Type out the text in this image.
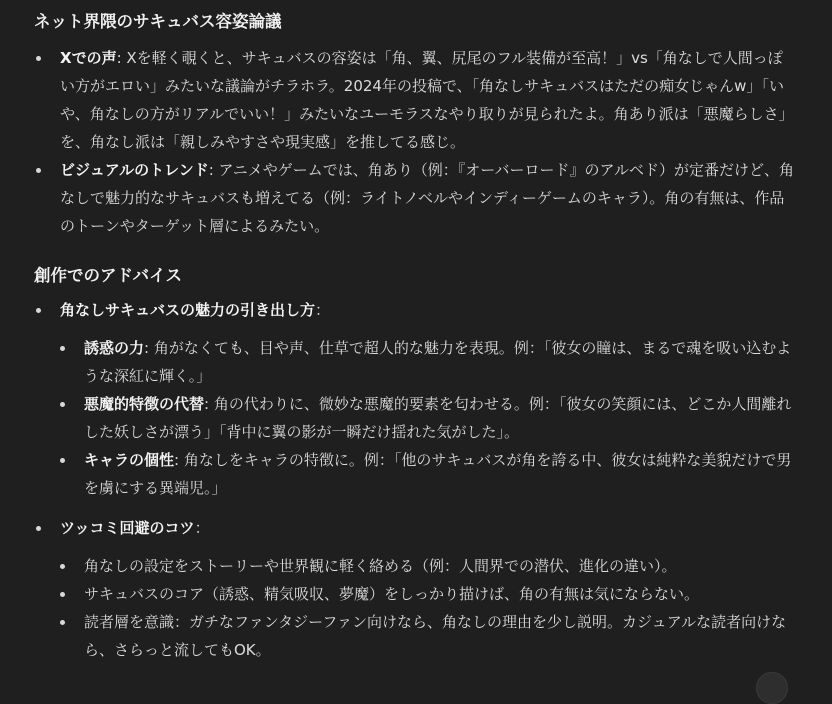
ネット界隈のサキュバス容姿論議
Xでの声: Xを軽く覗くと、サキュバスの容姿は「角、翼、尻尾のフル装備が至高！」vs「角なしで人間っぽい方がエロい」みたいな議論がチラホラ。2024年の投稿で、「角なしサキュバスはただの痴女じゃんw」「いや、角なしの方がリアルでいい！」みたいなユーモラスなやり取りが見られたよ。角あり派は「悪魔らしさ」を、角なし派は「親しみやすさや現実感」を推してる感じ。
ビジュアルのトレンド: アニメやゲームでは、角あり（例：『オーバーロード』のアルベド）が定番だけど、角なしで魅力的なサキュバスも増えてる（例：ライトノベルやインディーゲームのキャラ）。角の有無は、作品のトーンやターゲット層によるみたい。
創作でのアドバイス
角なしサキュバスの魅力の引き出し方：
誘惑の力: 角がなくても、目や声、仕草で超人的な魅力を表現。例：「彼女の瞳は、まるで魂を吸い込むような深紅に輝く。」
悪魔的特徴の代替: 角の代わりに、微妙な悪魔的要素を匂わせる。例：「彼女の笑顔には、どこか人間離れした妖しさが漂う」「背中に翼の影が一瞬だけ揺れた気がした」。
キャラの個性: 角なしをキャラの特徴に。例：「他のサキュバスが角を誇る中、彼女は純粋な美貌だけで男を虜にする異端児。」
ツッコミ回避のコツ：
角なしの設定をストーリーや世界観に軽く絡める（例：人間界での潜伏、進化の違い）。
サキュバスのコア（誘惑、精気吸収、夢魔）をしっかり描けば、角の有無は気にならない。
読者層を意識：ガチなファンタジーファン向けなら、角なしの理由を少し説明。カジュアルな読者向けなら、さらっと流してもOK。
